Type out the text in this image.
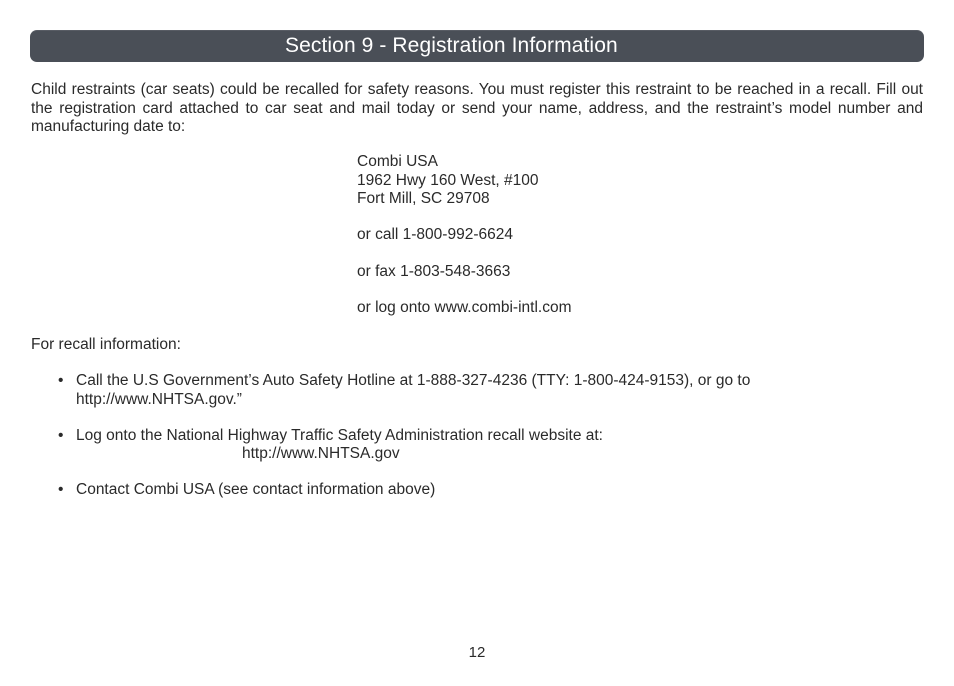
Section 9 - Registration Information
Child restraints (car seats) could be recalled for safety reasons. You must register this restraint to be reached in a recall. Fill out the registration card attached to car seat and mail today or send your name, address, and the restraint’s model number and manufacturing date to:
Combi USA
1962 Hwy 160 West, #100
Fort Mill, SC 29708
or call 1-800-992-6624
or fax 1-803-548-3663
or log onto www.combi-intl.com
For recall information:
• Call the U.S Government’s Auto Safety Hotline at 1-888-327-4236 (TTY: 1-800-424-9153), or go to
http://www.NHTSA.gov.”
• Log onto the National Highway Traffic Safety Administration recall website at:
http://www.NHTSA.gov
• Contact Combi USA (see contact information above)
12
